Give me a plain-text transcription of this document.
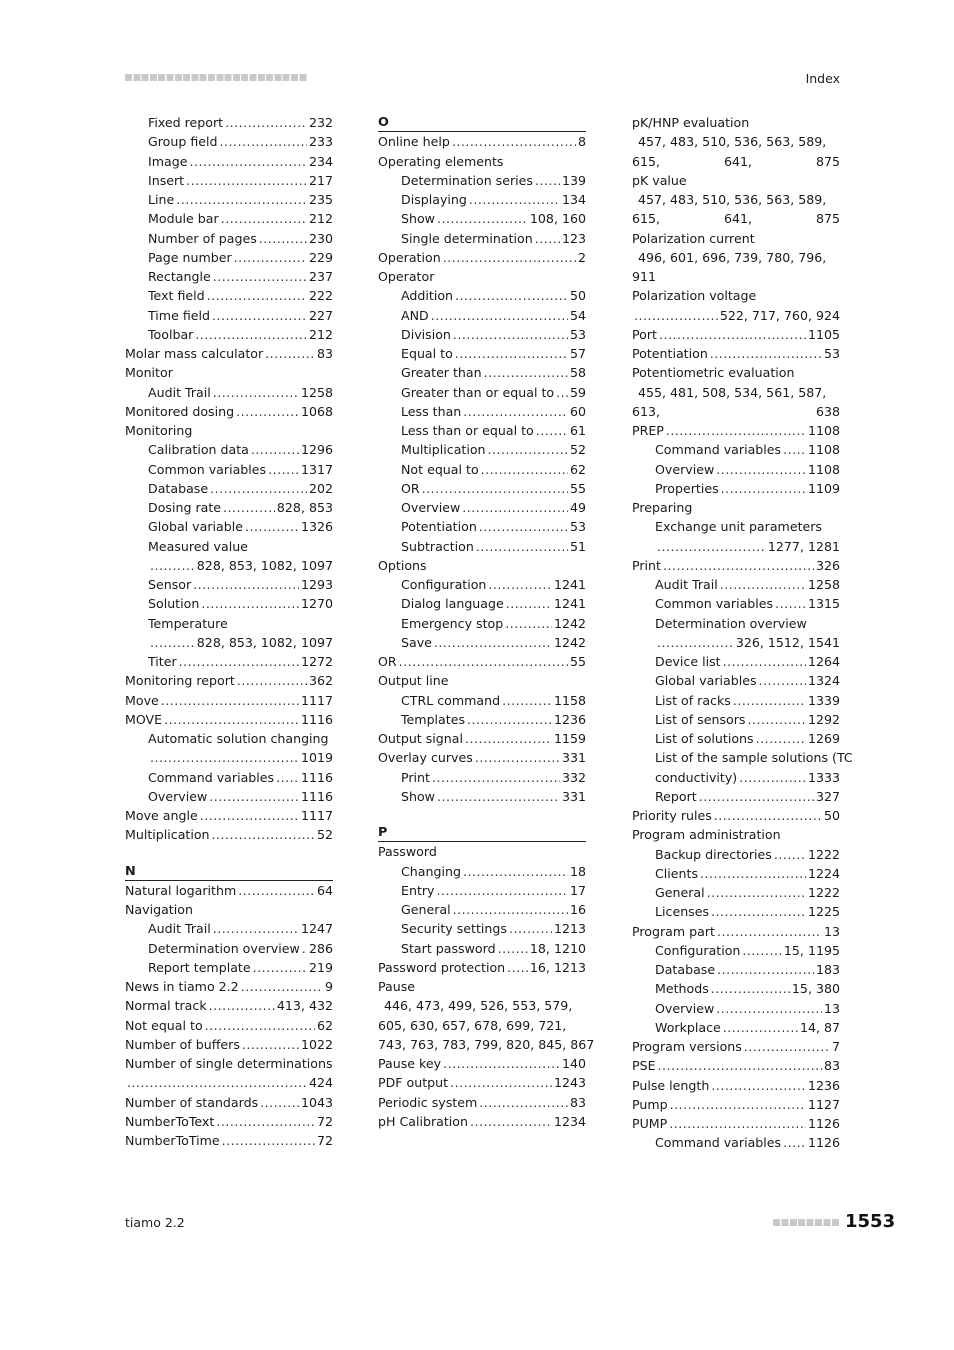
Index
Fixed report .....	232
Group field .....	233
Image .....	234
Insert .....	217
Line .....	235
Module bar .....	212
Number of pages .....	230
Page number .....	229
Rectangle .....	237
Text field .....	222
Time field .....	227
Toolbar .....	212
Molar mass calculator .....	83
Monitor
Audit Trail .....	1258
Monitored dosing .....	1068
Monitoring
Calibration data .....	1296
Common variables .....	1317
Database .....	202
Dosing rate .....	828, 853
Global variable .....	1326
Measured value
.....
828, 853, 1082, 1097
Sensor .....	1293
Solution .....	1270
Temperature
.....
828, 853, 1082, 1097
Titer .....	1272
Monitoring report .....	362
Move .....	1117
MOVE .....	1116
Automatic solution changing
.....
1019
Command variables ..... 1116
Overview .....	1116
Move angle .....	1117
Multiplication .....	52
N
Natural logarithm .....	64
Navigation
Audit Trail .....	1247
Determination overview ..... 286
Report template .....	219
News in tiamo 2.2 .....	9
Normal track .....	413, 432
Not equal to .....	62
Number of buffers .....	1022
Number of single determinations
.....
424
Number of standards .....	1043
NumberToText .....	72
NumberToTime .....	72
O
Online help .....	8
Operating elements
Determination series ..... 139
Displaying .....	134
Show .....	108, 160
Single determination ..... 123
Operation .....	2
Operator
Addition .....	50
AND .....	54
Division .....	53
Equal to .....	57
Greater than .....	58
Greater than or equal to ..... 59
Less than .....	60
Less than or equal to .....	61
Multiplication .....	52
Not equal to .....	62
OR .....	55
Overview .....	49
Potentiation .....	53
Subtraction .....	51
Options
Configuration .....	1241
Dialog language .....	1241
Emergency stop .....	1242
Save .....	1242
OR .....	55
Output line
CTRL command .....	1158
Templates .....	1236
Output signal .....	1159
Overlay curves .....	331
Print .....	332
Show .....	331
P
Password
Changing .....	18
Entry .....	17
General .....	16
Security settings .....	1213
Start password .....	18, 1210
Password protection ..... 16, 1213
Pause
446, 473, 499, 526, 553, 579,
605, 630, 657, 678, 699, 721,
743, 763, 783, 799, 820, 845, 867
Pause key .....	140
PDF output .....	1243
Periodic system .....	83
pH Calibration .....	1234
pK/HNP evaluation
457, 483, 510, 536, 563, 589,
615,	641,	875
pK value
457, 483, 510, 536, 563, 589,
615,	641,	875
Polarization current
496, 601, 696, 739, 780, 796,
911
Polarization voltage
.....
522, 717, 760, 924
Port .....	1105
Potentiation .....	53
Potentiometric evaluation
455, 481, 508, 534, 561, 587,
613,	638
PREP .....	1108
Command variables ..... 1108
Overview .....	1108
Properties .....	1109
Preparing
Exchange unit parameters
.....
1277, 1281
Print .....	326
Audit Trail .....	1258
Common variables .....	1315
Determination overview
.....
326, 1512, 1541
Device list .....	1264
Global variables .....	1324
List of racks .....	1339
List of sensors .....	1292
List of solutions .....	1269
List of the sample solutions (TC
conductivity) .....	1333
Report .....	327
Priority rules .....	50
Program administration
Backup directories .....	1222
Clients .....	1224
General .....	1222
Licenses .....	1225
Program part .....	13
Configuration .....	15, 1195
Database .....	183
Methods .....	15, 380
Overview .....	13
Workplace .....	14, 87
Program versions .....	7
PSE .....	83
Pulse length .....	1236
Pump .....	1127
PUMP .....	1126
Command variables ..... 1126
tiamo 2.2	1553
